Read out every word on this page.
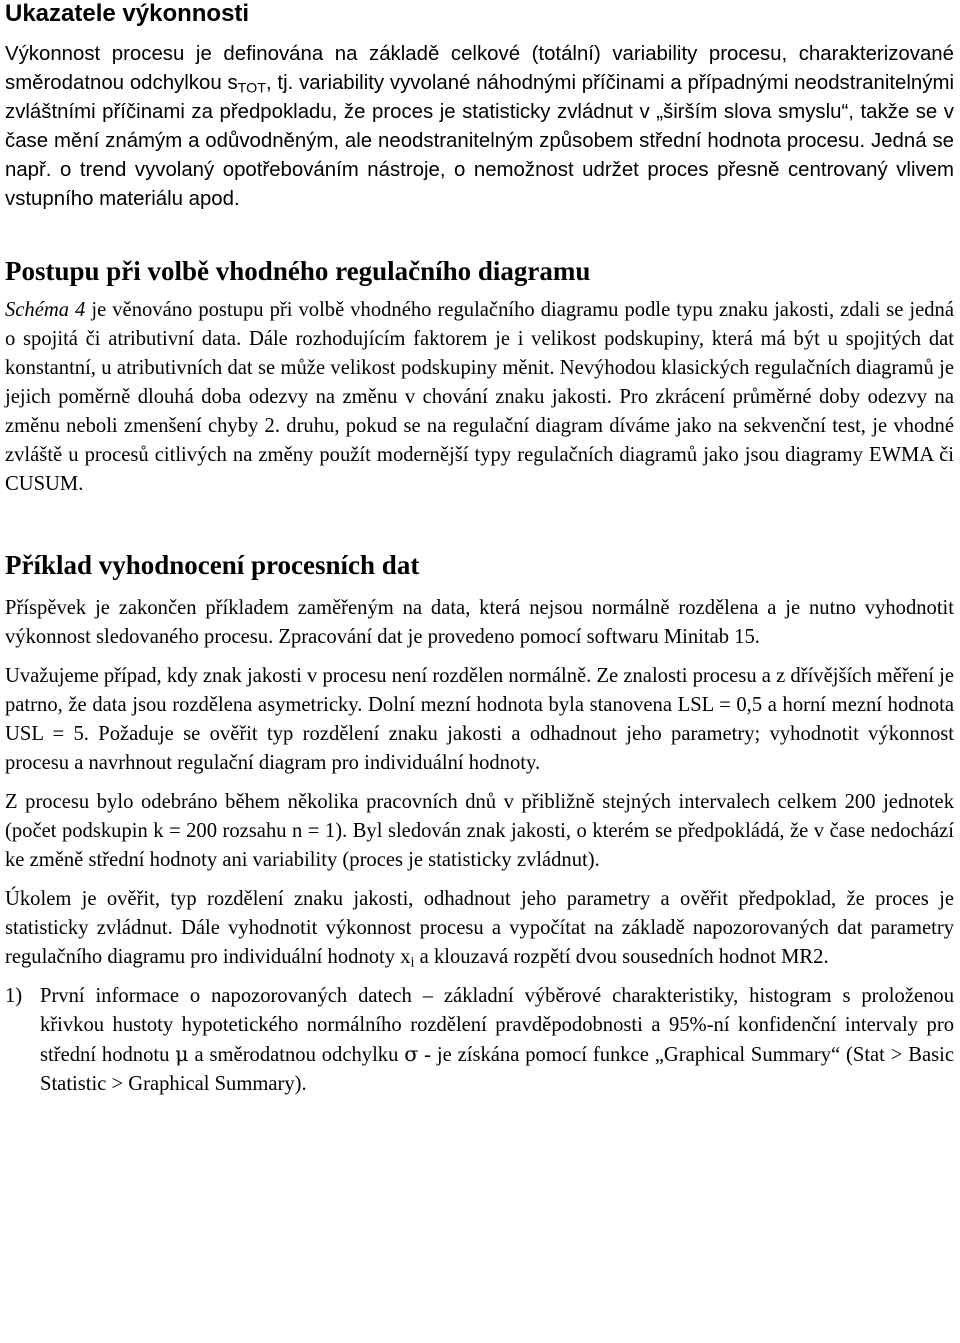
Ukazatele výkonnosti

Výkonnost procesu je definována na základě celkové (totální) variability procesu, charakterizované směrodatnou odchylkou $s_{TOT}$, tj. variability vyvolané náhodnými příčinami a případnými neodstranitelnými zvláštními příčinami za předpokladu, že proces je statisticky zvládnut v „širším slova smyslu“, takže se v čase mění známým a odůvodněným, ale neodstranitelným způsobem střední hodnota procesu. Jedná se např. o trend vyvolaný opotřebováním nástroje, o nemožnost udržet proces přesně centrovaný vlivem vstupního materiálu apod.

Postupu při volbě vhodného regulačního diagramu

Schéma 4 je věnováno postupu při volbě vhodného regulačního diagramu podle typu znaku jakosti, zdali se jedná o spojitá či atributivní data. Dále rozhodujícím faktorem je i velikost podskupiny, která má být u spojitých dat konstantní, u atributivních dat se může velikost podskupiny měnit. Nevýhodou klasických regulačních diagramů je jejich poměrně dlouhá doba odezvy na změnu v chování znaku jakosti. Pro zkrácení průměrné doby odezvy na změnu neboli zmenšení chyby 2. druhu, pokud se na regulační diagram díváme jako na sekvenční test, je vhodné zvláště u procesů citlivých na změny použít modernější typy regulačních diagramů jako jsou diagramy EWMA či CUSUM.

Příklad vyhodnocení procesních dat

Příspěvek je zakončen příkladem zaměřeným na data, která nejsou normálně rozdělena a je nutno vyhodnotit výkonnost sledovaného procesu. Zpracování dat je provedeno pomocí softwaru Minitab 15.

Uvažujeme případ, kdy znak jakosti v procesu není rozdělen normálně. Ze znalosti procesu a z dřívějších měření je patrno, že data jsou rozdělena asymetricky. Dolní mezní hodnota byla stanovena LSL = 0,5 a horní mezní hodnota USL = 5. Požaduje se ověřit typ rozdělení znaku jakosti a odhadnout jeho parametry; vyhodnotit výkonnost procesu a navrhnout regulační diagram pro individuální hodnoty.

Z procesu bylo odebráno během několika pracovních dnů v přibližně stejných intervalech celkem 200 jednotek (počet podskupin k = 200 rozsahu n = 1). Byl sledován znak jakosti, o kterém se předpokládá, že v čase nedochází ke změně střední hodnoty ani variability (proces je statisticky zvládnut).

Úkolem je ověřit, typ rozdělení znaku jakosti, odhadnout jeho parametry a ověřit předpoklad, že proces je statisticky zvládnut. Dále vyhodnotit výkonnost procesu a vypočítat na základě napozorovaných dat parametry regulačního diagramu pro individuální hodnoty $x_i$ a klouzavá rozpětí dvou sousedních hodnot MR2.

1) První informace o napozorovaných datech – základní výběrové charakteristiky, histogram s proloženou křivkou hustoty hypotetického normálního rozdělení pravděpodobnosti a 95%-ní konfidenční intervaly pro střední hodnotu μ a směrodatnou odchylku σ - je získána pomocí funkce „Graphical Summary“ (Stat > Basic Statistic > Graphical Summary).
